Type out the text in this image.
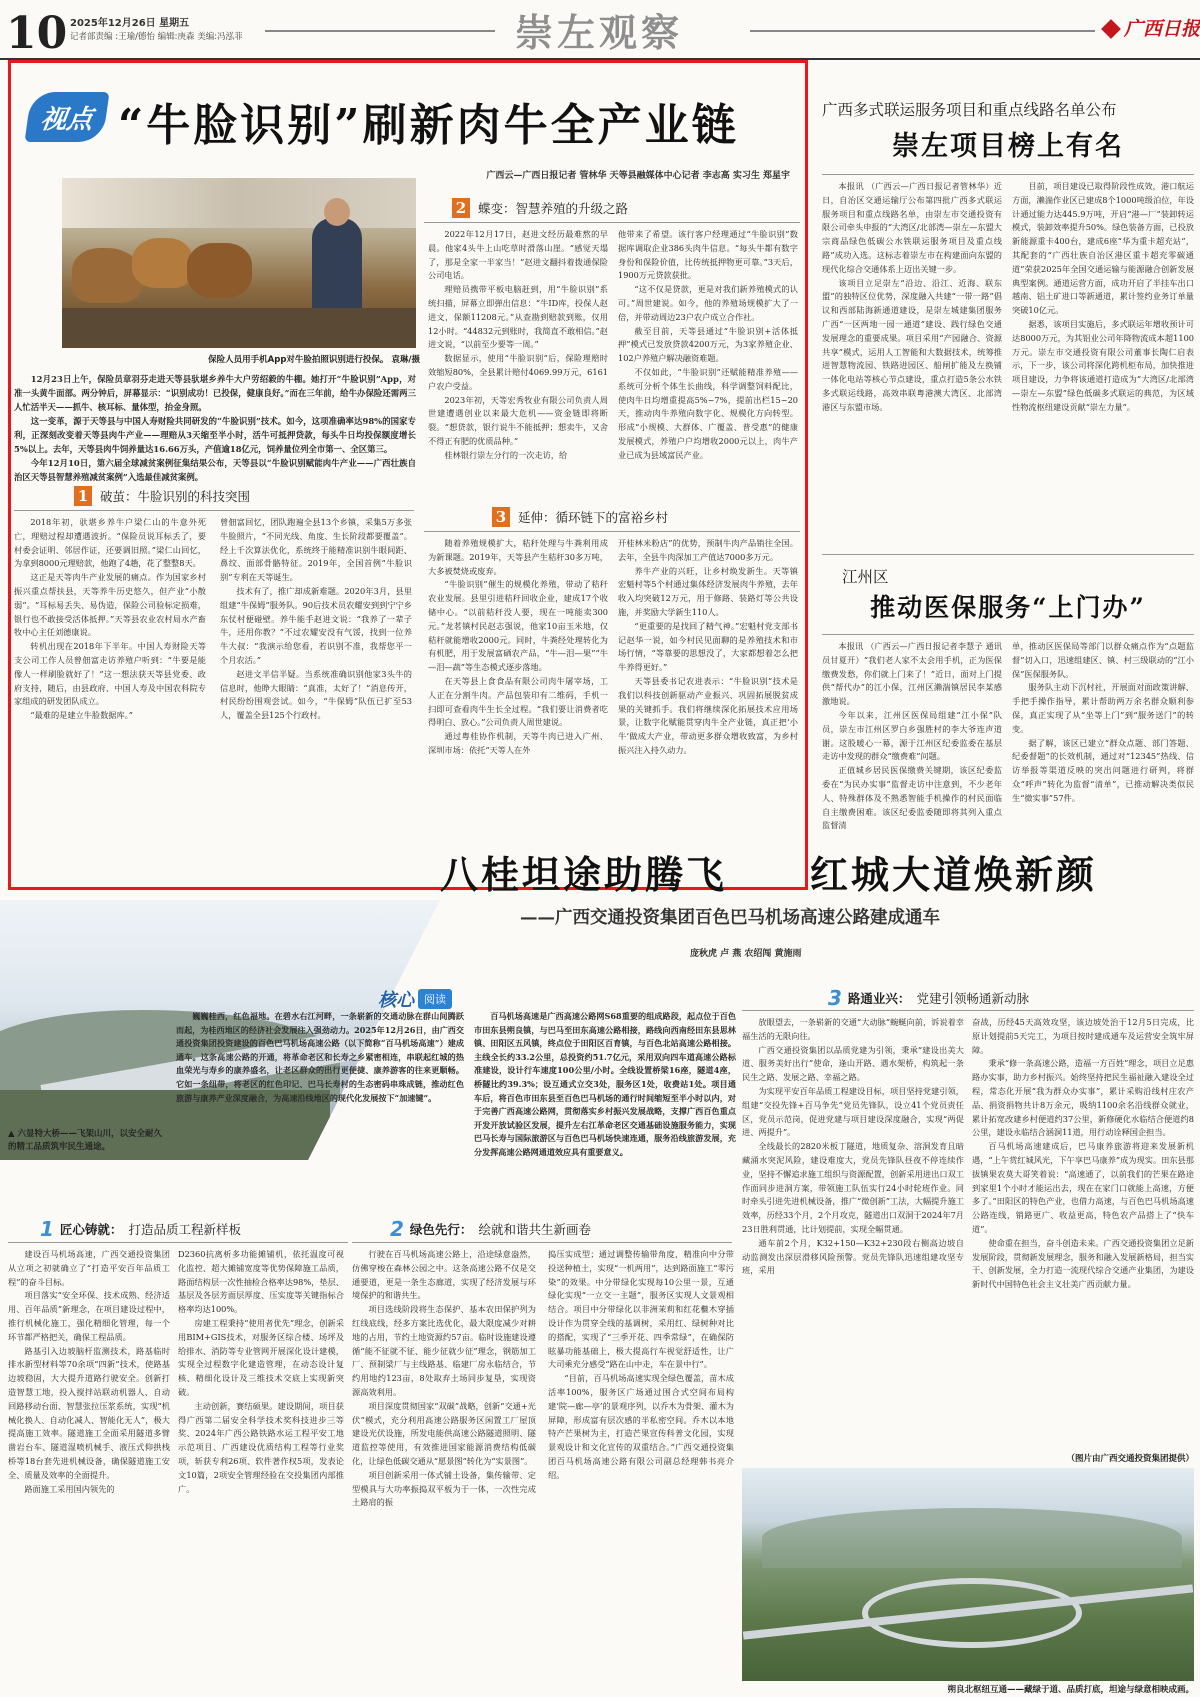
10 2025年12月26日 星期五
记者部责编 :王瑜/德怡 编辑:庚森 美编:冯泓菲	崇左观察	广西日报
视点 “牛脸识别”刷新肉牛全产业链
广西云—广西日报记者 管林华 天等县融媒体中心记者 李志高 实习生 郑星宇
保险人员用手机App对牛脸拍照识别进行投保。 袁琳/摄

12月23日上午，保险员章羽芬走进天等县驮堪乡养牛大户劳绍毅的牛棚。她打开“牛脸识别”App，对准一头黄牛面部。两分钟后，屏幕显示：“识别成功！已投保，健康良好。”而在三年前，给牛办保险还需两三人忙活半天——抓牛、核耳标、量体型，抬金身照。

这一变革，源于天等县与中国人寿财险共同研发的“牛脸识别”技术。如今，这项准确率达98%的国家专利，正深刻改变着天等县肉牛产业——理赔从3天缩至半小时，活牛可抵押贷款，每头牛日均投保额度增长5%以上。去年，天等县肉牛饲养量达16.66万头，产值逾18亿元，饲养量位列全市第一、全区第三。

今年12月10日，第六届全球减贫案例征集结果公布，天等县以“牛脸识别赋能肉牛产业——广西壮族自治区天等县智慧养殖减贫案例”入选最佳减贫案例。

1 破茧：牛脸识别的科技突围

2018年初，驮堪乡养牛户梁仁山的牛意外死亡，理赔过程却遭遇波折。“保险员说耳标丢了，要村委会证明、邻居作证，还要调旧照。”梁仁山回忆，为拿到8000元理赔款，他跑了4趟，花了整整8天。

这正是天等肉牛产业发展的痛点。作为国家乡村振兴重点帮扶县，天等养牛历史悠久，但产业“小散弱”。“耳标易丢失、易伪造，保险公司验标定损难，银行也不敢接受活体抵押。”天等县农业农村局水产畜牧中心主任刘德康说。

转机出现在2018年下半年。中国人寿财险天等支公司工作人员曾佃富走访养殖户听到：“牛要是能像人一样刷脸就好了！”这一想法获天等县党委、政府支持，随后，由县政府、中国人寿及中国农科院专家组成的研发团队成立。

“最难的是建立牛脸数据库。”

曾佃富回忆，团队跑遍全县13个乡镇，采集5万多张牛脸照片，“不同光线、角度、生长阶段都要覆盖”。经上千次算法优化，系统终于能精准识别牛眼间距、鼻纹、面部骨骼特征。2019年，全国首例“牛脸识别”专利在天等诞生。

技术有了，推广却成新难题。2020年3月，县里组建“牛保姆”服务队。90后技术员农耀安到到宁宁乡东仗村便碰壁。养牛能手赵进文说：“我养了一辈子牛，还用你教？”不过农耀安没有气馁，找到一位养牛大叔：“我演示给您看，若识别不准，我帮您平一个月农活。”

赵进文半信半疑。当系统准确识别他家3头牛的信息时，他睁大眼睛：“真准，太好了！”消息传开，村民纷纷围观尝试。如今，“牛保姆”队伍已扩至53人，覆盖全县125个行政村。

2 蝶变：智慧养殖的升级之路

2022年12月17日，赵进文经历最难熬的早晨。他家4头牛上山吃草时滑落山崖。“感觉天塌了，那是全家一半家当！”赵进文翻抖着拨通保险公司电话。

理赔员携带平板电脑赶到，用“牛脸识别”系统扫描，屏幕立即弹出信息：“牛ID库，投保人赵进文，保额11208元。”从查勘到赔款到账，仅用12小时。“44832元到账时，我简直不敢相信。”赵进文说，“以前至少要等一周。”

数据显示，使用“牛脸识别”后，保险理赔时效缩短80%，全县累计赔付4069.99万元，6161户农户受益。

2023年初，天等宏秀牧业有限公司负责人周世建遭遇创业以来最大危机——资金链即将断裂。“想贷款，银行说牛不能抵押；想卖牛，又舍不得正有肥的优质品种。”

桂林银行崇左分行的一次走访，给

他带来了希望。该行客户经理通过“牛脸识别”数据库调取企业386头肉牛信息。“每头牛都有数字身份和保险价值，比传统抵押物更可靠。”3天后，1900万元贷款获批。

“这不仅是贷款，更是对我们新养殖模式的认可。”周世建说。如今，他的养殖场规模扩大了一倍，并带动周边23户农户成立合作社。

截至目前，天等县通过“牛脸识别+活体抵押”模式已发放贷款4200万元，为3家养殖企业、102户养殖户解决融资难题。

不仅如此，“牛脸识别”还赋能精准养殖——系统可分析个体生长曲线，科学调整饲料配比，使肉牛日均增重提高5%~7%，提前出栏15~20天，推动肉牛养殖向数字化、规模化方向转型。形成“小规模、大群体、广覆盖、普受惠”的健康发展模式，养殖户户均增收2000元以上，肉牛产业已成为县域富民产业。

3 延伸：循环链下的富裕乡村

随着养殖规模扩大，秸秆处理与牛粪利用成为新课题。2019年，天等县产生秸秆30多万吨，大多被焚烧或废弃。

“牛脸识别”催生的规模化养殖，带动了秸秆农业发展。县里引进秸秆回收企业，建成17个收储中心。“以前秸秆没人要，现在一吨能卖300元。”龙茗镇村民赵志强说，他家10亩玉米地，仅秸秆就能增收2000元。同时，牛粪经处理转化为有机肥，用于发展富硒农产品，“牛—泪—果”“牛—泪—蔬”等生态模式逐步落地。

在天等县上食食品有限公司肉牛屠宰场，工人正在分割牛肉。产品包装印有二维码，手机一扫即可查看肉牛生长全过程。“我们要让消费者吃得明白、放心。”公司负责人周世建说。

通过粤桂协作机制，天等牛肉已进入广州、深圳市场：依托“天等人在外

开桂林米粉店”的优势，预制牛肉产品销往全国。去年，全县牛肉深加工产值达7000多万元。

养牛产业的兴旺，让乡村焕发新生。天等镇宏魁村等5个村通过集体经济发展肉牛养殖，去年收入均突破12万元，用于修路、装路灯等公共设施，并奖励大学新生110人。

“更重要的是找回了精气神。”宏魁村党支部书记赵华一说，如今村民见面聊的是养殖技术和市场行情，“等靠要的思想没了，大家都想着怎么把牛养得更好。”

天等县委书记农进表示：“牛脸识别”技术是我们以科技创新驱动产业振兴、巩固拓展脱贫成果的关键抓手。我们将继续深化拓展技术应用场景，让数字化赋能贯穿肉牛全产业链，真正把‘小牛’做成大产业，带动更多群众增收致富，为乡村振兴注入持久动力。

广西多式联运服务项目和重点线路名单公布
崇左项目榜上有名

本报讯 （广西云—广西日报记者管林华）近日，自治区交通运输厅公布第四批广西多式联运服务项目和重点线路名单，由崇左市交通投资有限公司牵头申报的“大湾区/北部湾—崇左—东盟大宗商品绿色低碳公水铁联运服务项目及重点线路”成功入选。这标志着崇左市在构建面向东盟的现代化综合交通体系上迈出关键一步。

该项目立足崇左“沿边、沿江、近海、联东盟”的独特区位优势，深度融入共建“一带一路”倡议和西部陆海新通道建设，是崇左城建集团服务广西“一区两地一园一通道”建设、践行绿色交通发展理念的重要成果。项目采用“产园融合、资源共享”模式，运用人工智能和大数据技术，统筹推进智慧物流园、铁路进园区、船闸扩能及左换铺一体化电站等核心节点建设，重点打造5条公水铁多式联运线路，高效串联粤港澳大湾区、北部湾港区与东盟市场。

目前，项目建设已取得阶段性成效，港口航运方面，濑湍作业区已建成8个1000吨级泊位，年设计通过能力达445.9万吨，开启“港—厂”装卸转运模式，装卸效率提升50%。绿色装备方面，已投放新能源重卡400台，建成6座“华为重卡超充站”，其配套的“广西壮族自治区港区重卡超充零碳通道”荣获2025年全国交通运输与能源融合创新发展典型案例。通道运营方面，成功开启了半挂车出口越南、铝土矿进口等新通道，累计签约业务订单量突破10亿元。

据悉，该项目实施后，多式联运年增收预计可达8000万元，为其铝业公司年降物流成本超1100万元。崇左市交通投资有限公司董事长陶仁启表示，下一步，该公司将深化跨机柜布局，加快推进项目建设，力争将该通道打造成为“大湾区/北部湾—崇左—东盟”绿色低碳多式联运的典范，为区域性物流枢纽建设贡献“崇左力量”。

江州区
推动医保服务“上门办”

本报讯 （广西云—广西日报记者李慧子 通讯员甘夏开）“我们老人家不太会用手机，正为医保缴费发愁，你们就上门来了！”近日，面对上门提供“帮代办”的江小保，江州区濑湍镇居民李某感激地说。

今年以来，江州区医保局组建“江小保”队员，崇左市江州区罗白乡强胜村的李大爷连声道谢。这股暖心一幕，源于江州区纪委监委在基层走访中发现的群众“缴费难”问题。

正值城乡居民医保缴费关键期，该区纪委监委在“为民办实事”监督走访中注意到，不少老年人、特殊群体及不熟悉智能手机操作的村民面临自主缴费困难。该区纪委监委随即将其列入重点监督清

单，推动区医保局等部门以群众痛点作为“点题监督”切入口，迅速组建区、镇、村三级联动的“江小保”医保服务队。

服务队主动下沉村社，开展面对面政策讲解、手把手操作指导，累计帮助两万余名群众顺利参保，真正实现了从“坐等上门”到“服务送门”的转变。

据了解，该区已建立“群众点题、部门答题、纪委督题”的长效机制，通过对“12345”热线、信访举报等渠道反映的突出问题进行研判，将群众“呼声”转化为监督“清单”，已推动解决类似民生“微实事”57件。

▲ 六显特大桥——飞架山川，以安全耐久的精工品质筑牢民生通途。
八桂坦途助腾飞 红城大道焕新颜
——广西交通投资集团百色巴马机场高速公路建成通车
庞秋虎 卢 燕 农绍闯 黄施雨
核心 阅读

巍巍桂西，红色福地。在碧水右江河畔，一条崭新的交通动脉在群山间腾跃而起，为桂西地区的经济社会发展注入强劲动力。2025年12月26日，由广西交通投资集团投资建设的百色巴马机场高速公路（以下简称“百马机场高速”）建成通车。这条高速公路的开通，将革命老区和长寿之乡紧密相连，串联起红城的热血荣光与寿乡的康养盛名，让老区群众的出行更便捷、康养游客的往来更顺畅。它如一条纽带，将老区的红色印记、巴马长寿村的生态密码串珠成链，推动红色旅游与康养产业深度融合，为高速沿线地区的现代化发展按下“加速键”。

百马机场高速是广西高速公路网S68重要的组成路段，起点位于百色市田东县朔良镇，与巴马至田东高速公路相接，路线向西南经田东县思林镇、田阳区五风镇，终点位于田阳区百育镇，与百色北站高速公路相接。主线全长约33.2公里，总投资约51.7亿元，采用双向四车道高速公路标准建设，设计行车速度100公里/小时。全线设置桥梁16座，隧道4座，桥隧比约39.3%；设互通式立交3处，服务区1处，收费站1处。项目通车后，将百色市田东县至百色巴马机场的通行时间缩短至半小时以内，对于完善广西高速公路网，贯彻落实乡村振兴发展战略，支撑广西百色重点开发开放试验区发展，提升左右江革命老区交通基础设施服务能力，实现巴马长寿与国际旅游区与百色巴马机场快速连通，服务沿线旅游发展，充分发挥高速公路网通道效应具有重要意义。

1 匠心铸就： 打造品质工程新样板

建设百马机场高速，广西交通投资集团从立项之初就确立了“打造平安百年品质工程”的奋斗目标。

项目落实“安全环保、技术成熟、经济适用、百年品质”新理念，在项目建设过程中，推行机械化施工，强化精细化管理，每一个环节都严格把关，确保工程品质。

路基引入边坡脑杆监测技术，路基临时排水新型材料等70余项“四新”技术，使路基边坡稳固，大大提升道路行驶安全。创新打造智慧工地，投入搅拌站联动机器人、自动回路移动台面、智慧张拉压浆系统，实现“机械化换人、自动化减人、智能化无人”，极大提高施工效率。隧道施工全面采用隧道多臂凿岩台车、隧道湿喷机械手、液压式仰拱栈桥等18台套先进机械设备，确保隧道施工安全、质量及效率的全面提升。

路面施工采用国内领先的

D2360抗离析多功能摊铺机，依托温度可视化监控、超大摊铺宽度等优势保障施工品质，路面结构层一次性抽检合格率达98%，垫层、基层及各层芳面层厚度、压实度等关键指标合格率均达100%。

房建工程秉持“使用者优先”理念，创新采用BIM+GIS技术，对服务区综合楼、场坪及给排水、消防等专业管网开展深化设计建模，实现全过程数字化建造管理，在动态设计复核、精细化设计及三维技术交底上实现新突破。

主动创新，赛结硕果。建设期间，项目获得广西第二届安全科学技术奖科技进步三等奖、2024年广西公路铁路水运工程平安工地示范项目、广西建设优质结构工程等行业奖项，斩获专利26项、软件著作权5项，发表论文10篇，2项安全管理经验在交投集团内部推广。

2 绿色先行： 绘就和谐共生新画卷

行驶在百马机场高速公路上，沿途绿意盎然，仿佛穿梭在森林公园之中。这条高速公路不仅是交通要道，更是一条生态廊道，实现了经济发展与环境保护的和谐共生。

项目选线阶段将生态保护、基本农田保护列为红线底线，经多方案比选优化，最大限度减少对耕地的占用，节约土地资源约57亩。临时设施建设遵循“能不征就不征、能少征就少征”理念，钢筋加工厂、预制梁厂与主线路基、临建厂房永临结合，节约用地约123亩，8处取弃土场同步复垦，实现资源高效利用。

项目深度贯彻国家“双碳”战略，创新“交通+光伏”模式，充分利用高速公路服务区闲置工厂屋顶建设光伏设施，所发电能供高速公路隧道照明、隧道监控等使用，有效推进国家能源消费结构低碳化，让绿色低碳交通从“愿景图”转化为“实景图”。

项目创新采用一体式铺土设备，集传输带、定型模具与大功率振捣双平板为于一体，一次性完成土路肩的振

捣压实成型；通过调整传输带角度，精准向中分带投送种植土，实现“一机两用”，达到路面施工“零污染”的效果。中分带绿化实现每10公里一景，互通绿化实现“一立交一主题”，服务区实现人文景观相结合。项目中分带绿化以非洲茉莉和红花檵木穿插设计作为贯穿全线的基调树，采用红、绿树种对比的搭配，实现了“三季开花、四季常绿”，在确保防眩暴功能基础上，极大提高行车视觉舒适性，让广大司乘充分感受“路在山中走，车在景中行”。

“目前，百马机场高速实现全绿色覆盖，苗木成活率100%，服务区广场通过围合式空间布局构建‘院—廊—亭’的景观序列，以乔木为骨架、灌木为屏障，形成富有层次感的半私密空间。乔木以本地特产芒果树为主，打造芒果宣传科普文化园，实现景观设计和文化宣传的双重结合。”广西交通投资集团百马机场高速公路有限公司副总经理韩书亮介绍。

3 路通业兴： 党建引领畅通新动脉

放眼望去，一条崭新的交通“大动脉”蜿蜒向前，诉说着幸福生活的无限向往。

广西交通投资集团以品质党建为引领，秉承“建设出美大道、服务美好出行”使命，逢山开路、遇水架桥，构筑起一条民生之路、发展之路、幸福之路。

为实现平安百年品质工程建设目标，项目坚持党建引领，组建“交投先锋+百马争先”党员先锋队，设立41个党员责任区，党员示范岗，促进党建与项目建设深度融合，实现“两促进、两提升”。

全线最长的2820米板丁隧道，地质复杂、溶洞发育且暗藏涌水突泥风险，建设难度大，党员先锋队昼夜不停连续作业，坚持不懈追求施工组织与资源配置，创新采用进出口双工作面同步进洞方案，带领施工队伍实行24小时轮班作业。同时牵头引进先进机械设备，推广“微创新”工法，大幅提升施工效率，历经33个月，2个月攻克，隧道出口双洞于2024年7月23日胜利贯通，比计划提前，实现全幅贯通。

通车前2个月，K32+150—K32+230段右侧高边坡自动监测发出深层滑移风险预警。党员先锋队迅速组建攻坚专班，采用

奋战，历经45天高效攻坚，该边坡处治于12月5日完成，比原计划提前5天完工，为项目按时建成通车及运营安全筑牢屏障。

秉承“修一条高速公路，造福一方百姓”理念，项目立足惠路办实事，助力乡村振兴。始终坚持把民生福祉融入建设全过程，常态化开展“我为群众办实事”，累计采购沿线村庄农产品、捐资捐物共计8万余元，吸纳1100余名沿线群众就业，累计拓宽改建乡村便道约37公里，新修硬化水临结合便道约8公里，建设永临结合涵洞11道，用行动诠释国企担当。

百马机场高速建成后，巴马康养旅游将迎来发展新机遇，“上午赏红城风光，下午享巴马康养”成为现实。田东县那拔镇果农莫大哥笑着说：“高速通了，以前我们的芒果在路途到家里1个小时才能运出去，现在在家门口就能上高速，方便多了。”田阳区的特色产业，也借力高速，与百色巴马机场高速公路连线，销路更广、收益更高，特色农产品搭上了“快车道”。

使命重在担当，奋斗创造未来。广西交通投资集团立足新发展阶段，贯彻新发展理念，服务和融入发展新格局，担当实干、创新发展，全力打造一流现代综合交通产业集团，为建设新时代中国特色社会主义壮美广西贡献力量。

（图片由广西交通投资集团提供）
朔良北枢纽互通——藏绿于道、品质打底，坦途与绿意相映成画。
